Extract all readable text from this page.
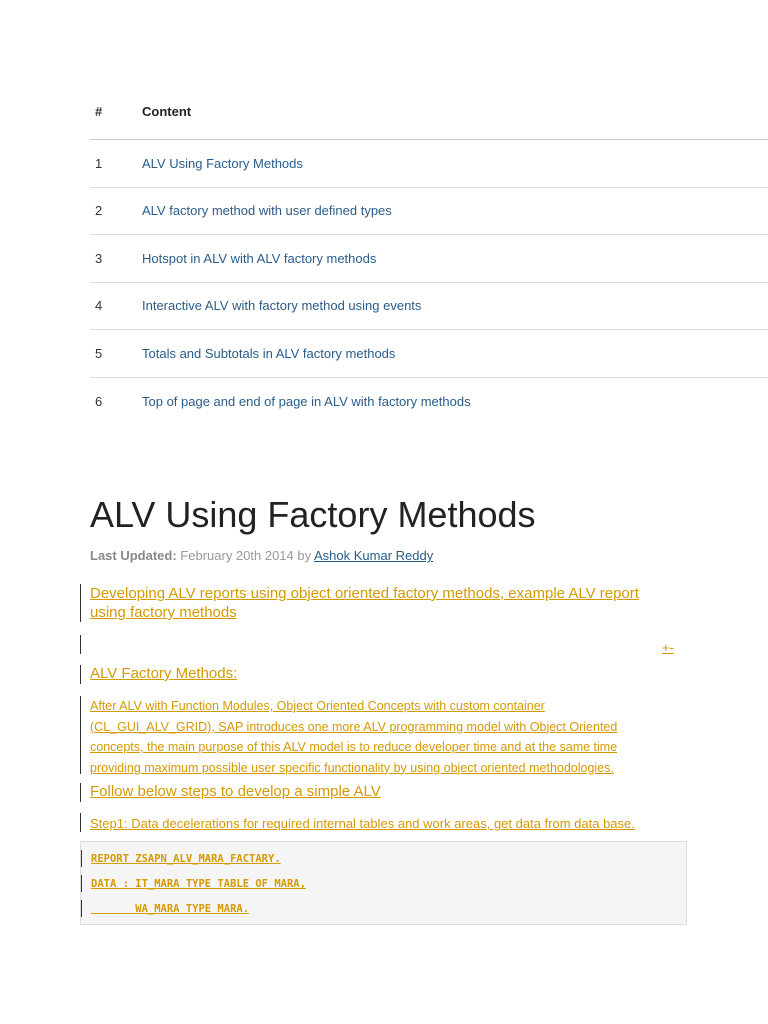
#	Content
1	ALV Using Factory Methods
2	ALV factory method with user defined types
3	Hotspot in ALV with ALV factory methods
4	Interactive ALV with factory method using events
5	Totals and Subtotals in ALV factory methods
6	Top of page and end of page in ALV with factory methods
ALV Using Factory Methods
Last Updated: February 20th 2014 by Ashok Kumar Reddy
Developing ALV reports using object oriented factory methods, example ALV report using factory methods
+-
ALV Factory Methods:
After ALV with Function Modules, Object Oriented Concepts with custom container (CL_GUI_ALV_GRID), SAP introduces one more ALV programming model with Object Oriented concepts, the main purpose of this ALV model is to reduce developer time and at the same time providing maximum possible user specific functionality by using object oriented methodologies.
Follow below steps to develop a simple ALV
Step1: Data decelerations for required internal tables and work areas, get data from data base.
REPORT ZSAPN_ALV_MARA_FACTARY.
DATA : IT_MARA TYPE TABLE OF MARA,
WA_MARA TYPE MARA.
